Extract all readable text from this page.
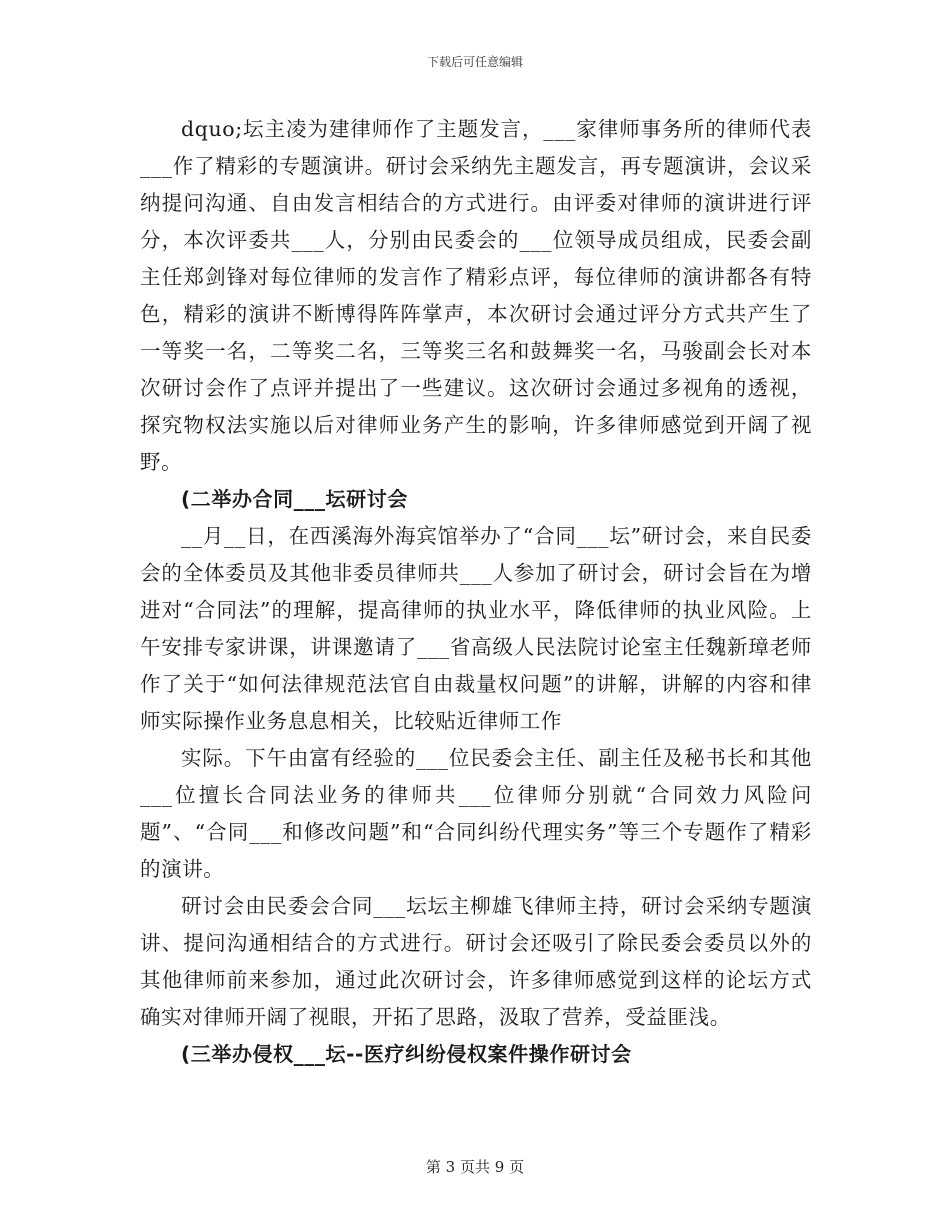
下载后可任意编辑

dquo;坛主凌为建律师作了主题发言，___家律师事务所的律师代表___作了精彩的专题演讲。研讨会采纳先主题发言，再专题演讲，会议采纳提问沟通、自由发言相结合的方式进行。由评委对律师的演讲进行评分，本次评委共___人，分别由民委会的___位领导成员组成，民委会副主任郑剑锋对每位律师的发言作了精彩点评，每位律师的演讲都各有特色，精彩的演讲不断博得阵阵掌声，本次研讨会通过评分方式共产生了一等奖一名，二等奖二名，三等奖三名和鼓舞奖一名，马骏副会长对本次研讨会作了点评并提出了一些建议。这次研讨会通过多视角的透视，探究物权法实施以后对律师业务产生的影响，许多律师感觉到开阔了视野。

(二举办合同___坛研讨会

__月__日，在西溪海外海宾馆举办了“合同___坛”研讨会，来自民委会的全体委员及其他非委员律师共___人参加了研讨会，研讨会旨在为增进对“合同法”的理解，提高律师的执业水平，降低律师的执业风险。上午安排专家讲课，讲课邀请了___省高级人民法院讨论室主任魏新璋老师作了关于“如何法律规范法官自由裁量权问题”的讲解，讲解的内容和律师实际操作业务息息相关，比较贴近律师工作

实际。下午由富有经验的___位民委会主任、副主任及秘书长和其他___位擅长合同法业务的律师共___位律师分别就“合同效力风险问题”、“合同___和修改问题”和“合同纠纷代理实务”等三个专题作了精彩的演讲。

研讨会由民委会合同___坛坛主柳雄飞律师主持，研讨会采纳专题演讲、提问沟通相结合的方式进行。研讨会还吸引了除民委会委员以外的其他律师前来参加，通过此次研讨会，许多律师感觉到这样的论坛方式确实对律师开阔了视眼，开拓了思路，汲取了营养，受益匪浅。

(三举办侵权___坛--医疗纠纷侵权案件操作研讨会

第 3 页共 9 页
